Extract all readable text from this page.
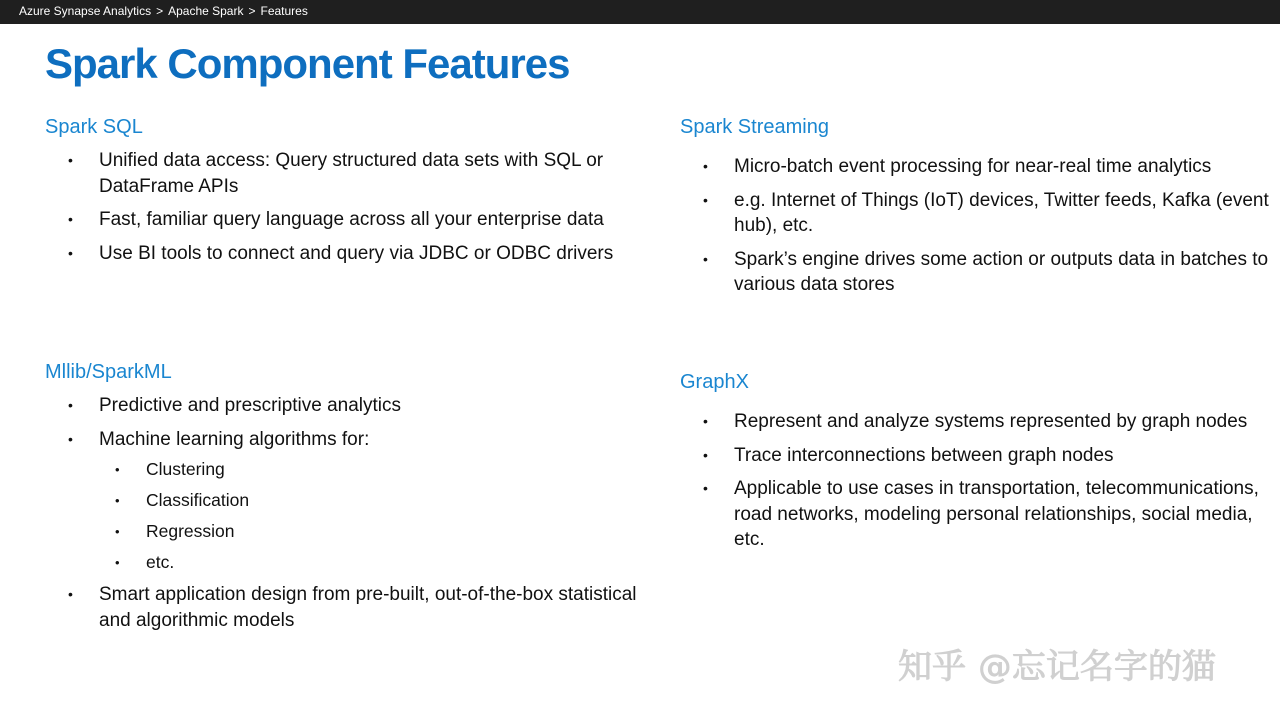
Azure Synapse Analytics > Apache Spark > Features
Spark Component Features
Spark SQL
• Unified data access: Query structured data sets with SQL or DataFrame APIs
• Fast, familiar query language across all your enterprise data
• Use BI tools to connect and query via JDBC or ODBC drivers
Mllib/SparkML
• Predictive and prescriptive analytics
• Machine learning algorithms for:
• Clustering
• Classification
• Regression
• etc.
• Smart application design from pre-built, out-of-the-box statistical and algorithmic models
Spark Streaming
• Micro-batch event processing for near-real time analytics
• e.g. Internet of Things (IoT) devices, Twitter feeds, Kafka (event hub), etc.
• Spark’s engine drives some action or outputs data in batches to various data stores
GraphX
• Represent and analyze systems represented by graph nodes
• Trace interconnections between graph nodes
• Applicable to use cases in transportation, telecommunications, road networks, modeling personal relationships, social media, etc.
知乎 @忘记名字的猫
